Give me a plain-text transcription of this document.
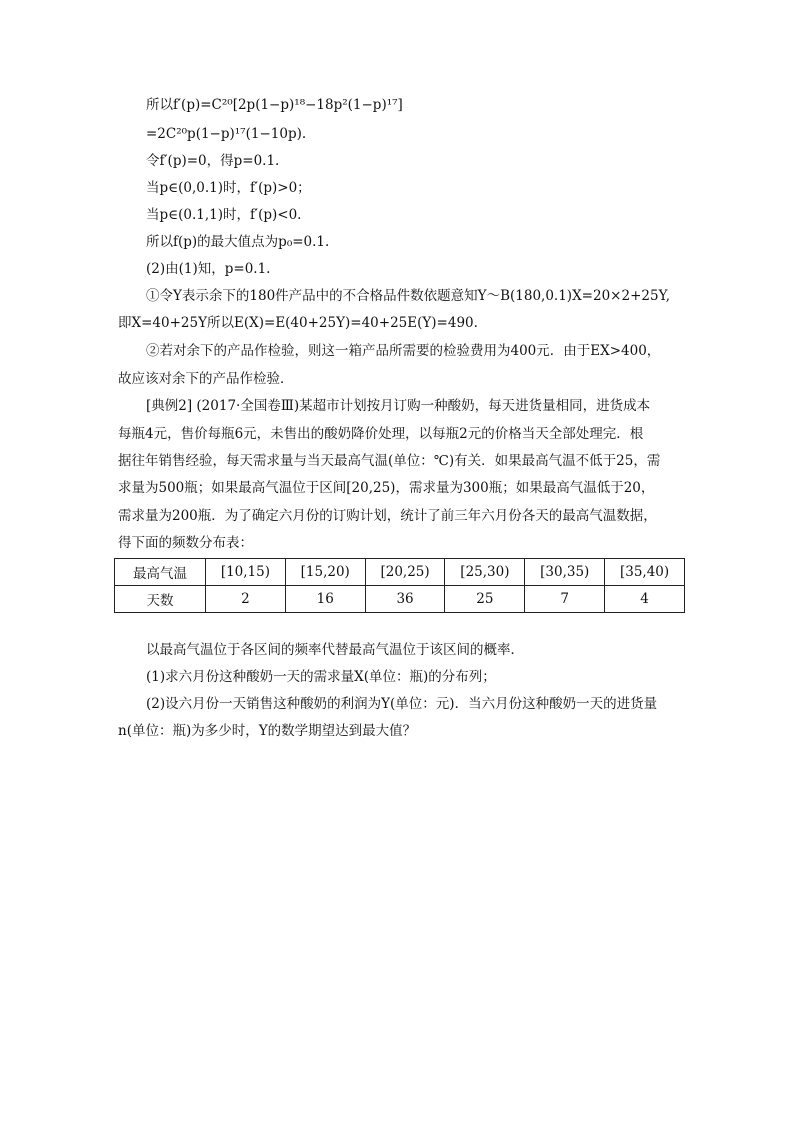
所以f′(p)=C²⁰[2p(1−p)¹⁸−18p²(1−p)¹⁷]
=2C²⁰p(1−p)¹⁷(1−10p).
令f′(p)=0，得p=0.1.
当p∈(0,0.1)时，f′(p)>0；
当p∈(0.1,1)时，f′(p)<0.
所以f(p)的最大值点为p₀=0.1.
(2)由(1)知，p=0.1.
①令Y表示余下的180件产品中的不合格品件数依题意知Y～B(180,0.1)X=20×2+25Y,
即X=40+25Y所以E(X)=E(40+25Y)=40+25E(Y)=490.
②若对余下的产品作检验，则这一箱产品所需要的检验费用为400元．由于EX>400，
故应该对余下的产品作检验．
[典例2] (2017·全国卷Ⅲ)某超市计划按月订购一种酸奶，每天进货量相同，进货成本
每瓶4元，售价每瓶6元，未售出的酸奶降价处理，以每瓶2元的价格当天全部处理完．根
据往年销售经验，每天需求量与当天最高气温(单位：℃)有关．如果最高气温不低于25，需
求量为500瓶；如果最高气温位于区间[20,25)，需求量为300瓶；如果最高气温低于20，
需求量为200瓶．为了确定六月份的订购计划，统计了前三年六月份各天的最高气温数据，
得下面的频数分布表：
最高气温	[10,15)	[15,20)	[20,25)	[25,30)	[30,35)	[35,40)
天数	2	16	36	25	7	4
以最高气温位于各区间的频率代替最高气温位于该区间的概率．
(1)求六月份这种酸奶一天的需求量X(单位：瓶)的分布列；
(2)设六月份一天销售这种酸奶的利润为Y(单位：元)．当六月份这种酸奶一天的进货量
n(单位：瓶)为多少时，Y的数学期望达到最大值？
